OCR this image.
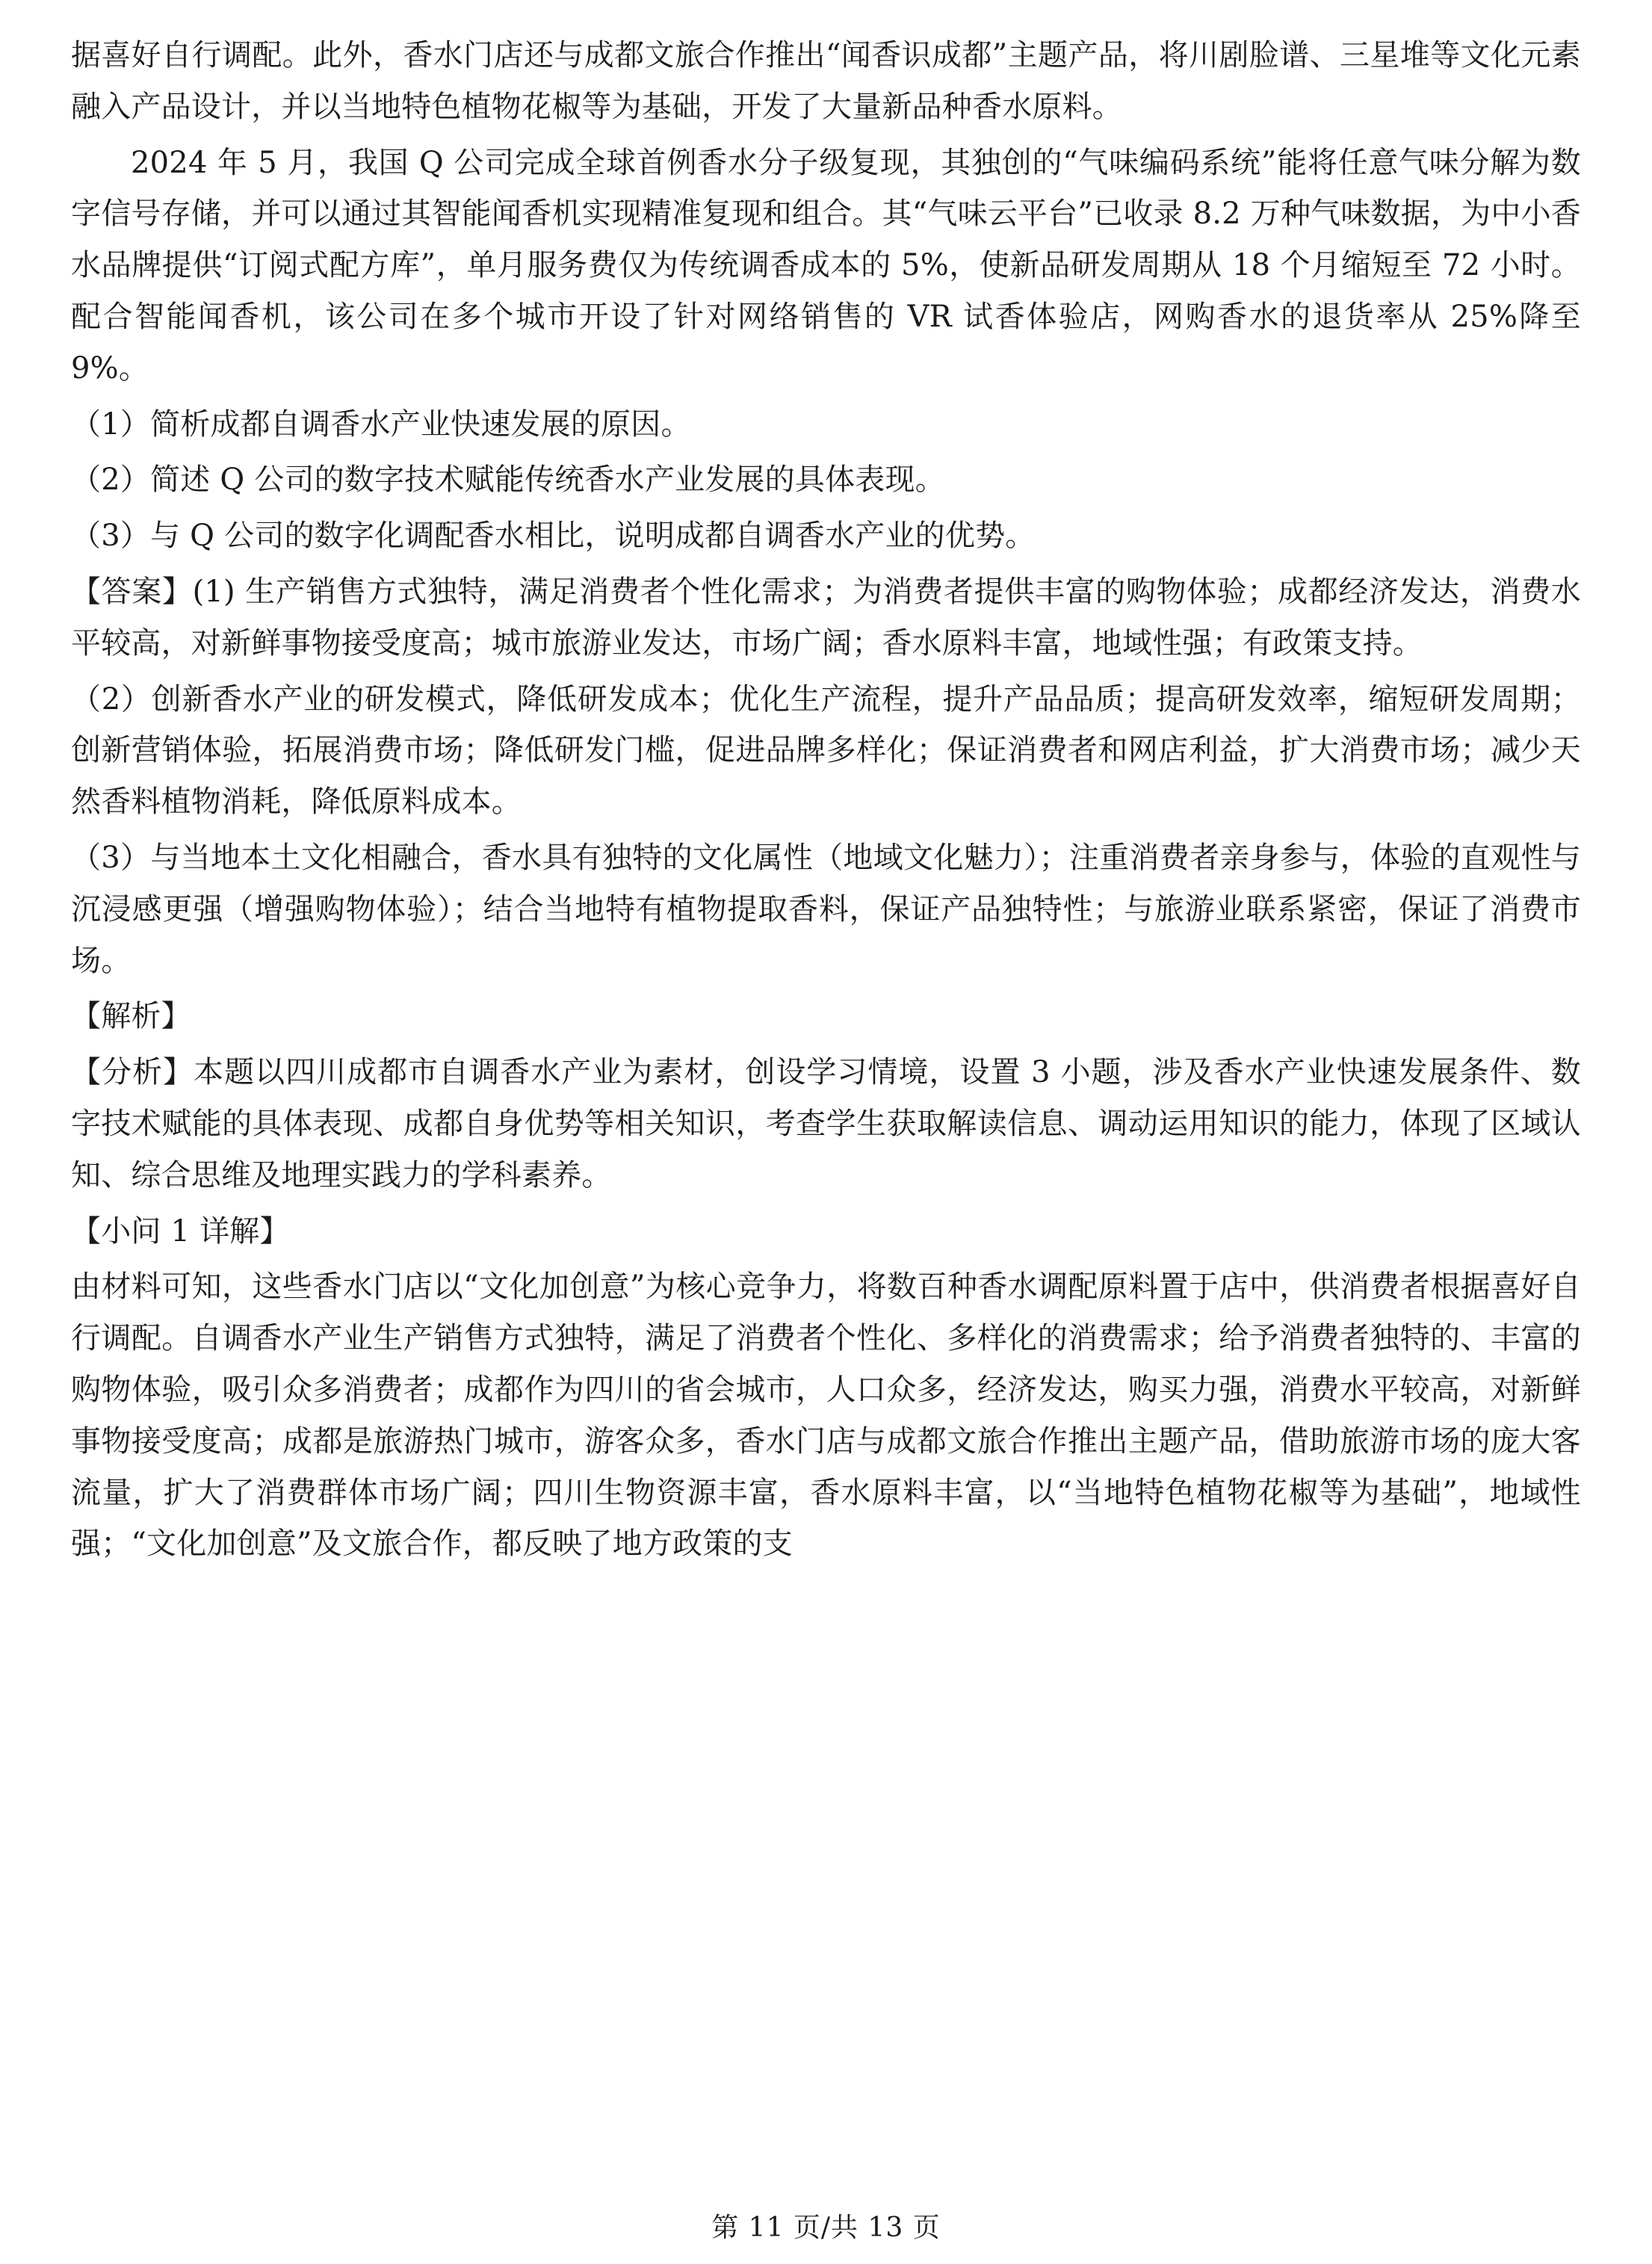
据喜好自行调配。此外，香水门店还与成都文旅合作推出“闻香识成都”主题产品，将川剧脸谱、三星堆等文化元素融入产品设计，并以当地特色植物花椒等为基础，开发了大量新品种香水原料。

2024 年 5 月，我国 Q 公司完成全球首例香水分子级复现，其独创的“气味编码系统”能将任意气味分解为数字信号存储，并可以通过其智能闻香机实现精准复现和组合。其“气味云平台”已收录 8.2 万种气味数据，为中小香水品牌提供“订阅式配方库”，单月服务费仅为传统调香成本的 5%，使新品研发周期从 18 个月缩短至 72 小时。配合智能闻香机，该公司在多个城市开设了针对网络销售的 VR 试香体验店，网购香水的退货率从 25%降至 9%。

（1）简析成都自调香水产业快速发展的原因。

（2）简述 Q 公司的数字技术赋能传统香水产业发展的具体表现。

（3）与 Q 公司的数字化调配香水相比，说明成都自调香水产业的优势。

【答案】(1) 生产销售方式独特，满足消费者个性化需求；为消费者提供丰富的购物体验；成都经济发达，消费水平较高，对新鲜事物接受度高；城市旅游业发达，市场广阔；香水原料丰富，地域性强；有政策支持。

（2）创新香水产业的研发模式，降低研发成本；优化生产流程，提升产品品质；提高研发效率，缩短研发周期；创新营销体验，拓展消费市场；降低研发门槛，促进品牌多样化；保证消费者和网店利益，扩大消费市场；减少天然香料植物消耗，降低原料成本。

（3）与当地本土文化相融合，香水具有独特的文化属性（地域文化魅力）；注重消费者亲身参与，体验的直观性与沉浸感更强（增强购物体验）；结合当地特有植物提取香料，保证产品独特性；与旅游业联系紧密，保证了消费市场。

【解析】

【分析】本题以四川成都市自调香水产业为素材，创设学习情境，设置 3 小题，涉及香水产业快速发展条件、数字技术赋能的具体表现、成都自身优势等相关知识，考查学生获取解读信息、调动运用知识的能力，体现了区域认知、综合思维及地理实践力的学科素养。

【小问 1 详解】

由材料可知，这些香水门店以“文化加创意”为核心竞争力，将数百种香水调配原料置于店中，供消费者根据喜好自行调配。自调香水产业生产销售方式独特，满足了消费者个性化、多样化的消费需求；给予消费者独特的、丰富的购物体验，吸引众多消费者；成都作为四川的省会城市，人口众多，经济发达，购买力强，消费水平较高，对新鲜事物接受度高；成都是旅游热门城市，游客众多，香水门店与成都文旅合作推出主题产品，借助旅游市场的庞大客流量，扩大了消费群体市场广阔；四川生物资源丰富，香水原料丰富，以“当地特色植物花椒等为基础”，地域性强；“文化加创意”及文旅合作，都反映了地方政策的支

第 11 页/共 13 页
